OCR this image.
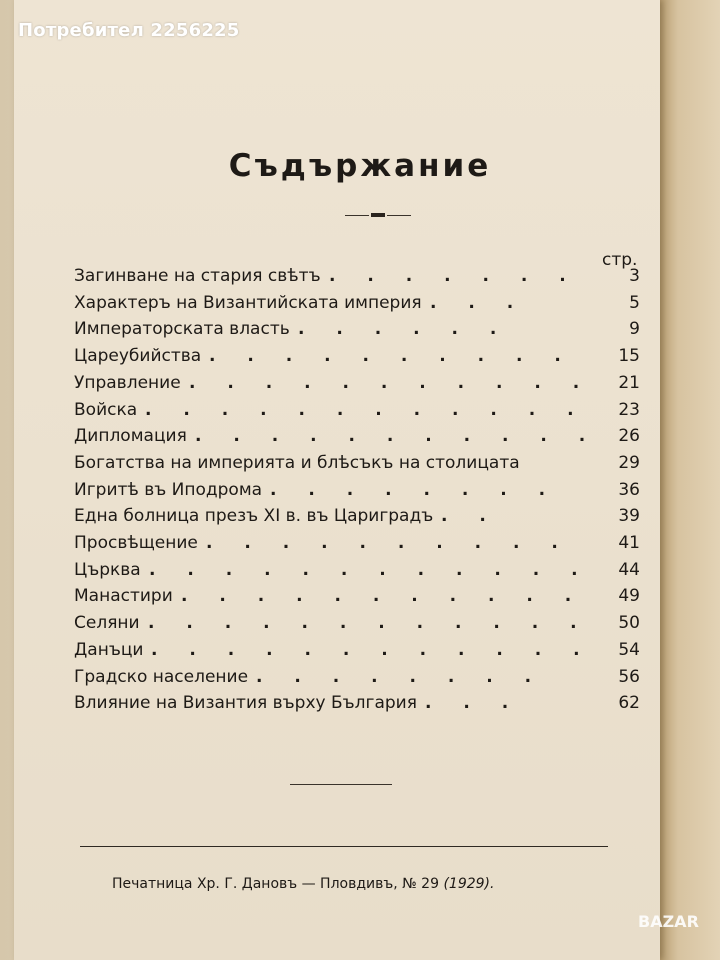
Потребител 2256225
Съдържание
стр.
Загинване на стария свѣтъ . . . . . . .	3
Характеръ на Византийската империя . . .	5
Императорската власть . . . . . .	9
Цареубийства . . . . . . . . . .	15
Управление . . . . . . . . . . . 21
Войска . . . . . . . . . . . . 23
Дипломация . . . . . . . . . . . 26
Богатства на империята и блѣсъкъ на столицата	29
Игритѣ въ Ипoдрома . . . . . . . .	36
Една болница презъ XI в. въ Цариградъ . .	39
Просвѣщение . . . . . . . . . .	41
Църква . . . . . . . . . . . . 44
Манастири . . . . . . . . . . . 49
Селяни . . . . . . . . . . . . 50
Данъци . . . . . . . . . . . . 54
Градско население . . . . . . . .	56
Влияние на Византия върху България . . .	62
Печатница Хр. Г. Дановъ — Пловдивъ, № 29 (1929).
BAZAR
